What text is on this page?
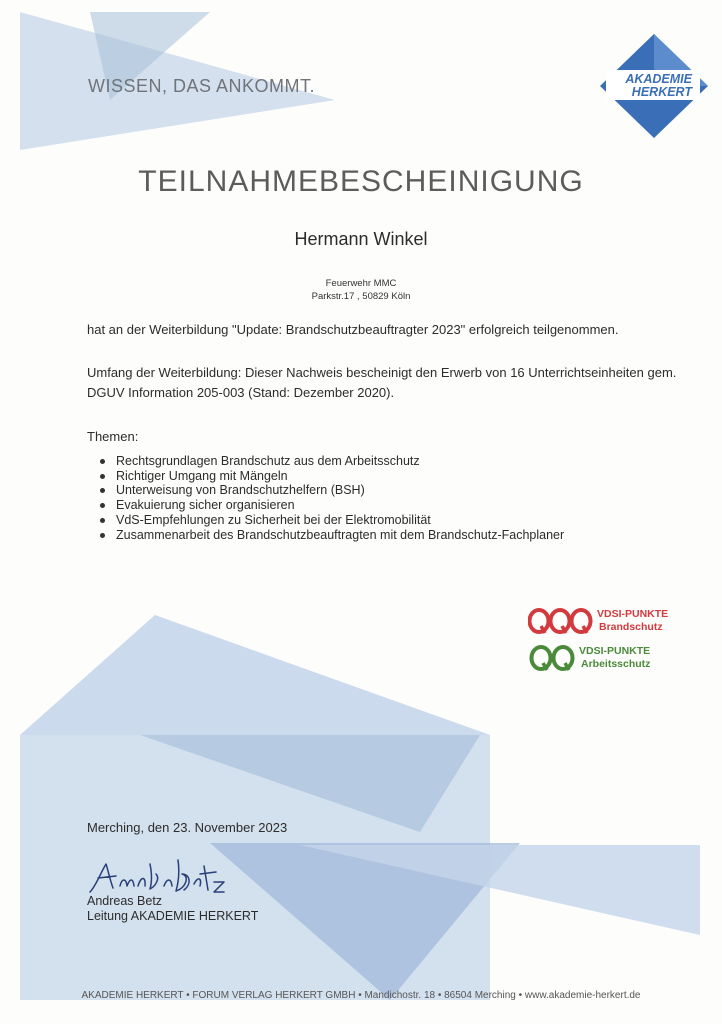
WISSEN, DAS ANKOMMT.	AKADEMIE
HERKERT
TEILNAHMEBESCHEINIGUNG
Hermann Winkel
Feuerwehr MMC
Parkstr.17 , 50829 Köln
hat an der Weiterbildung "Update: Brandschutzbeauftragter 2023" erfolgreich teilgenommen.
Umfang der Weiterbildung: Dieser Nachweis bescheinigt den Erwerb von 16 Unterrichtseinheiten gem. DGUV Information 205-003 (Stand: Dezember 2020).
Themen:
Rechtsgrundlagen Brandschutz aus dem Arbeitsschutz
Richtiger Umgang mit Mängeln
Unterweisung von Brandschutzhelfern (BSH)
Evakuierung sicher organisieren
VdS-Empfehlungen zu Sicherheit bei der Elektromobilität
Zusammenarbeit des Brandschutzbeauftragten mit dem Brandschutz-Fachplaner
VDSI-PUNKTE
Brandschutz
VDSI-PUNKTE
Arbeitsschutz
Merching, den 23. November 2023
Andreas Betz
Leitung AKADEMIE HERKERT
AKADEMIE HERKERT • FORUM VERLAG HERKERT GMBH • Mandichostr. 18 • 86504 Merching • www.akademie-herkert.de
